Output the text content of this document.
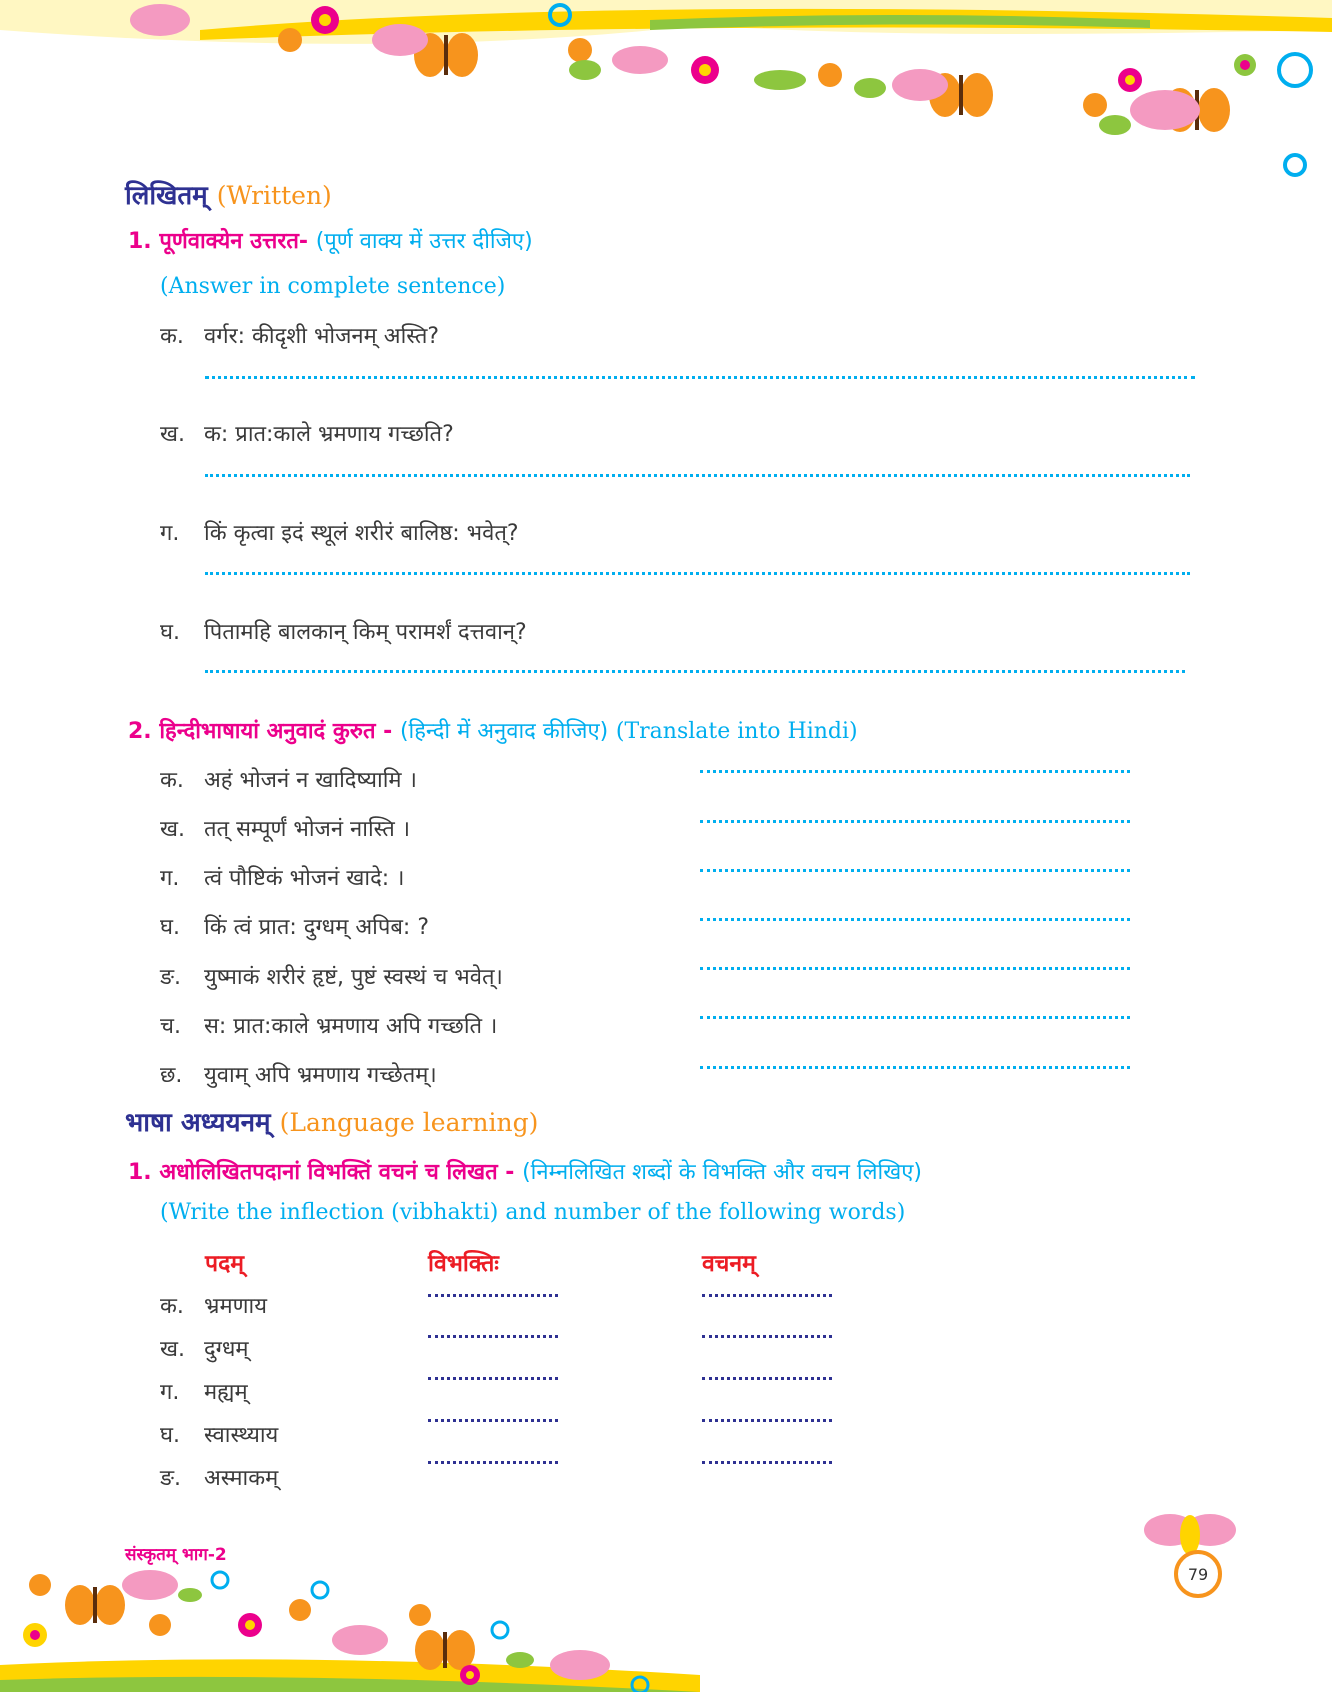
लिखितम् (Written)
1. पूर्णवाक्येन उत्तरत- (पूर्ण वाक्य में उत्तर दीजिए)
(Answer in complete sentence)
क. वर्गर: कीदृशी भोजनम् अस्ति?
ख. क: प्रात:काले भ्रमणाय गच्छति?
ग. किं कृत्वा इदं स्थूलं शरीरं बालिष्ठ: भवेत्?
घ. पितामहि बालकान् किम् परामर्शं दत्तवान्?
2. हिन्दीभाषायां अनुवादं कुरुत - (हिन्दी में अनुवाद कीजिए) (Translate into Hindi)
क. अहं भोजनं न खादिष्यामि ।
ख. तत् सम्पूर्णं भोजनं नास्ति ।
ग. त्वं पौष्टिकं भोजनं खादे: ।
घ. किं त्वं प्रात: दुग्धम् अपिब: ?
ङ. युष्माकं शरीरं हृष्टं, पुष्टं स्वस्थं च भवेत्।
च. स: प्रात:काले भ्रमणाय अपि गच्छति ।
छ. युवाम् अपि भ्रमणाय गच्छेतम्।
भाषा अध्ययनम् (Language learning)
1. अधोलिखितपदानां विभक्तिं वचनं च लिखत - (निम्नलिखित शब्दों के विभक्ति और वचन लिखिए)
(Write the inflection (vibhakti) and number of the following words)
पदम्	विभक्तिः	वचनम्
क. भ्रमणाय
ख. दुग्धम्
ग. मह्यम्
घ. स्वास्थ्याय
ङ. अस्माकम्
संस्कृतम् भाग-2
79
